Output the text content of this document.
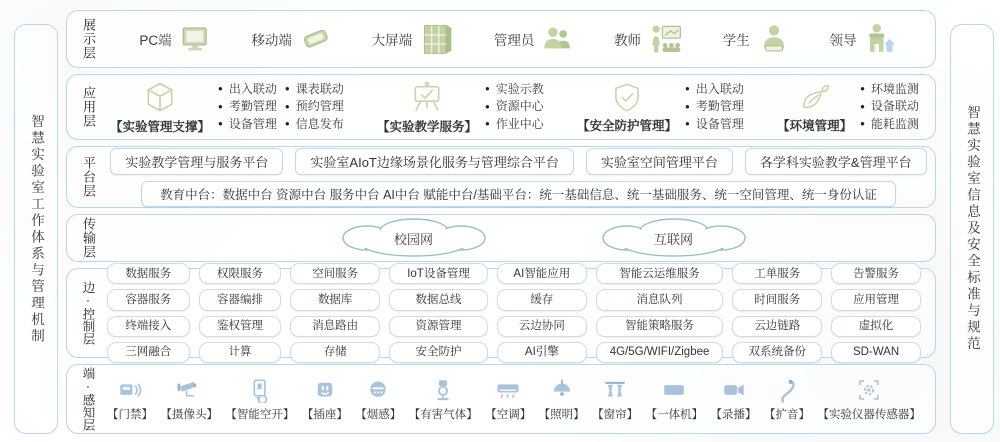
智慧实验室工作体系与管理机制	智慧实验室信息及安全标准与规范
展示层	PC端	移动端	大屏端	管理员	教师	学生	领导
应用层 【实验管理支撑】
● 出入联动
● 考勤管理
● 设备管理
● 课表联动
● 预约管理
● 信息发布	【实验教学服务】
● 实验示教
● 资源中心
● 作业中心	【安全防护管理】
● 出入联动
● 考勤管理
● 设备管理	【环境管理】
● 环境监测
● 设备联动
● 能耗监测
平台层	实验教学管理与服务平台	实验室AIoT边缘场景化服务与管理综合平台	实验室空间管理平台	各学科实验教学&管理平台
教育中台：数据中台 资源中台 服务中台 AI中台 赋能中台/基础平台：统一基础信息、统一基础服务、统一空间管理、统一身份认证
传输层	校园网	互联网
边·控制层
数据服务	权限服务	空间服务	IoT设备管理	AI智能应用	智能云运维服务	工单服务	告警服务
容器服务	容器编排	数据库	数据总线	缓存	消息队列	时间服务	应用管理
终端接入	鉴权管理	消息路由	资源管理	云边协同	智能策略服务	云边链路	虚拟化
三网融合	计算	存储	安全防护	AI引擎	4G/5G/WIFI/Zigbee	双系统备份	SD-WAN
端·感知层 【门禁】 【摄像头】 【智能空开】 【插座】 【烟感】 【有害气体】 【空调】 【照明】 【窗帘】 【一体机】 【录播】 【扩音】 【实验仪器传感器】
